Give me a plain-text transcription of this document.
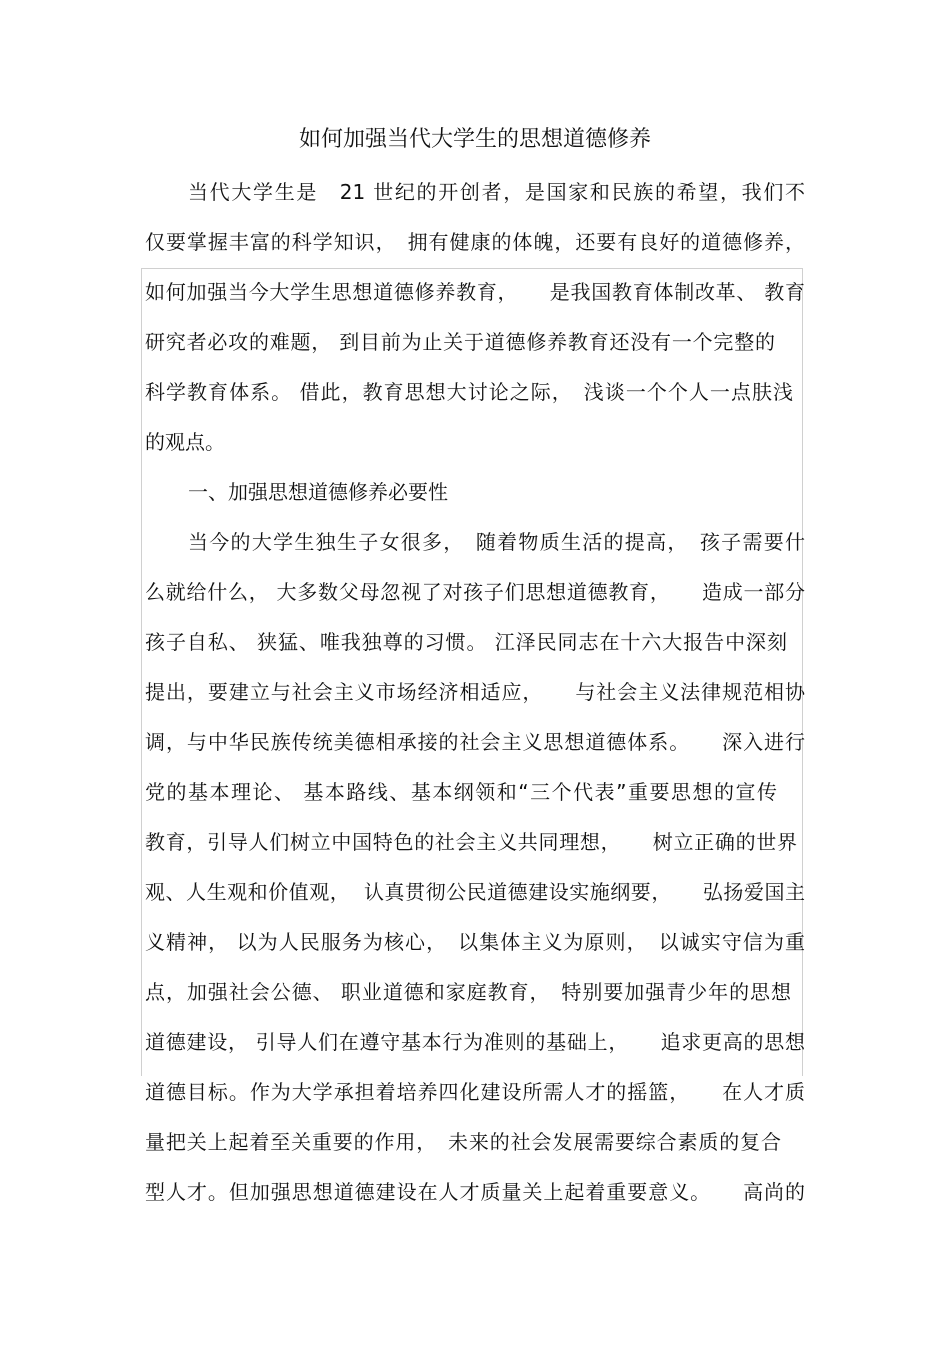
如何加强当代大学生的思想道德修养
当代大学生是　21 世纪的开创者，是国家和民族的希望，我们不
仅要掌握丰富的科学知识，　拥有健康的体魄，还要有良好的道德修养，
如何加强当今大学生思想道德修养教育，　　是我国教育体制改革、 教育
研究者必攻的难题， 到目前为止关于道德修养教育还没有一个完整的
科学教育体系。 借此，教育思想大讨论之际，　浅谈一个个人一点肤浅
的观点。
一、加强思想道德修养必要性
当今的大学生独生子女很多，　随着物质生活的提高，　孩子需要什
么就给什么， 大多数父母忽视了对孩子们思想道德教育，　　造成一部分
孩子自私、 狭猛、唯我独尊的习惯。 江泽民同志在十六大报告中深刻
提出，要建立与社会主义市场经济相适应，　　与社会主义法律规范相协
调，与中华民族传统美德相承接的社会主义思想道德体系。　　深入进行
党的基本理论、 基本路线、基本纲领和“三个代表”重要思想的宣传
教育，引导人们树立中国特色的社会主义共同理想，　　树立正确的世界
观、人生观和价值观，  认真贯彻公民道德建设实施纲要，　　弘扬爱国主
义精神， 以为人民服务为核心，　以集体主义为原则，　以诚实守信为重
点，加强社会公德、 职业道德和家庭教育，　特别要加强青少年的思想
道德建设， 引导人们在遵守基本行为准则的基础上，　　追求更高的思想
道德目标。作为大学承担着培养四化建设所需人才的摇篮，　　在人才质
量把关上起着至关重要的作用，　未来的社会发展需要综合素质的复合
型人才。但加强思想道德建设在人才质量关上起着重要意义。　　高尚的
